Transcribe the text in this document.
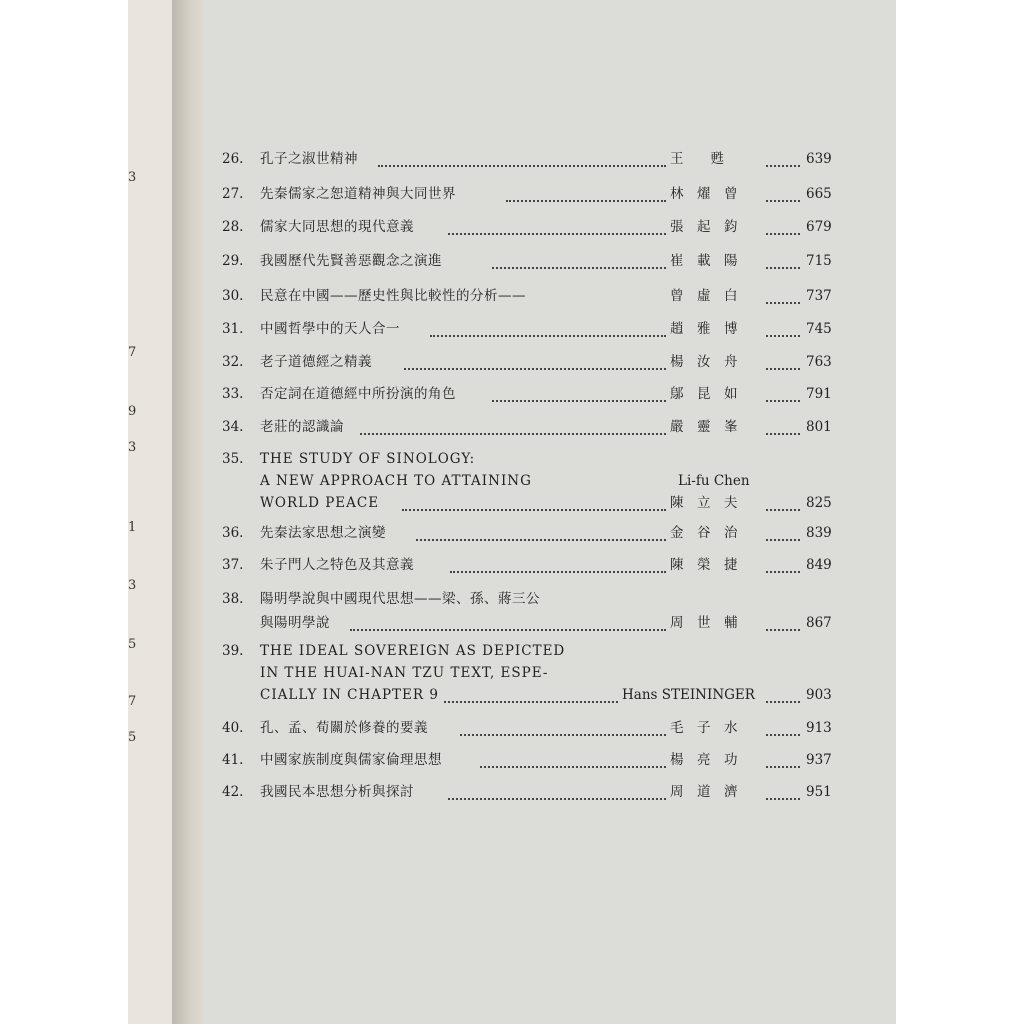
3
7
9
3
1
3
5
7
5
26.	孔子之淑世精神	王　　甦	639
27.	先秦儒家之恕道精神與大同世界	林　燿　曾	665
28.	儒家大同思想的現代意義	張　起　鈞	679
29.	我國歷代先賢善惡觀念之演進	崔　載　陽	715
30.	民意在中國——歷史性與比較性的分析——	曾　虛　白	737
31.	中國哲學中的天人合一	趙　雅　博	745
32.	老子道德經之精義	楊　汝　舟	763
33.	否定詞在道德經中所扮演的角色	鄔　昆　如	791
34.	老莊的認識論	嚴　靈　峯	801
35.	THE STUDY OF SINOLOGY:
A NEW APPROACH TO ATTAINING	Li-fu Chen
WORLD PEACE	陳　立　夫	825
36.	先秦法家思想之演變	金　谷　治	839
37.	朱子門人之特色及其意義	陳　榮　捷	849
38.	陽明學說與中國現代思想——梁、孫、蔣三公
與陽明學說	周　世　輔	867
39.	THE IDEAL SOVEREIGN AS DEPICTED
IN THE HUAI-NAN TZU TEXT, ESPE-
CIALLY IN CHAPTER 9	Hans STEININGER	903
40.	孔、孟、荀關於修養的要義	毛　子　水	913
41.	中國家族制度與儒家倫理思想	楊　亮　功	937
42.	我國民本思想分析與探討	周　道　濟	951
